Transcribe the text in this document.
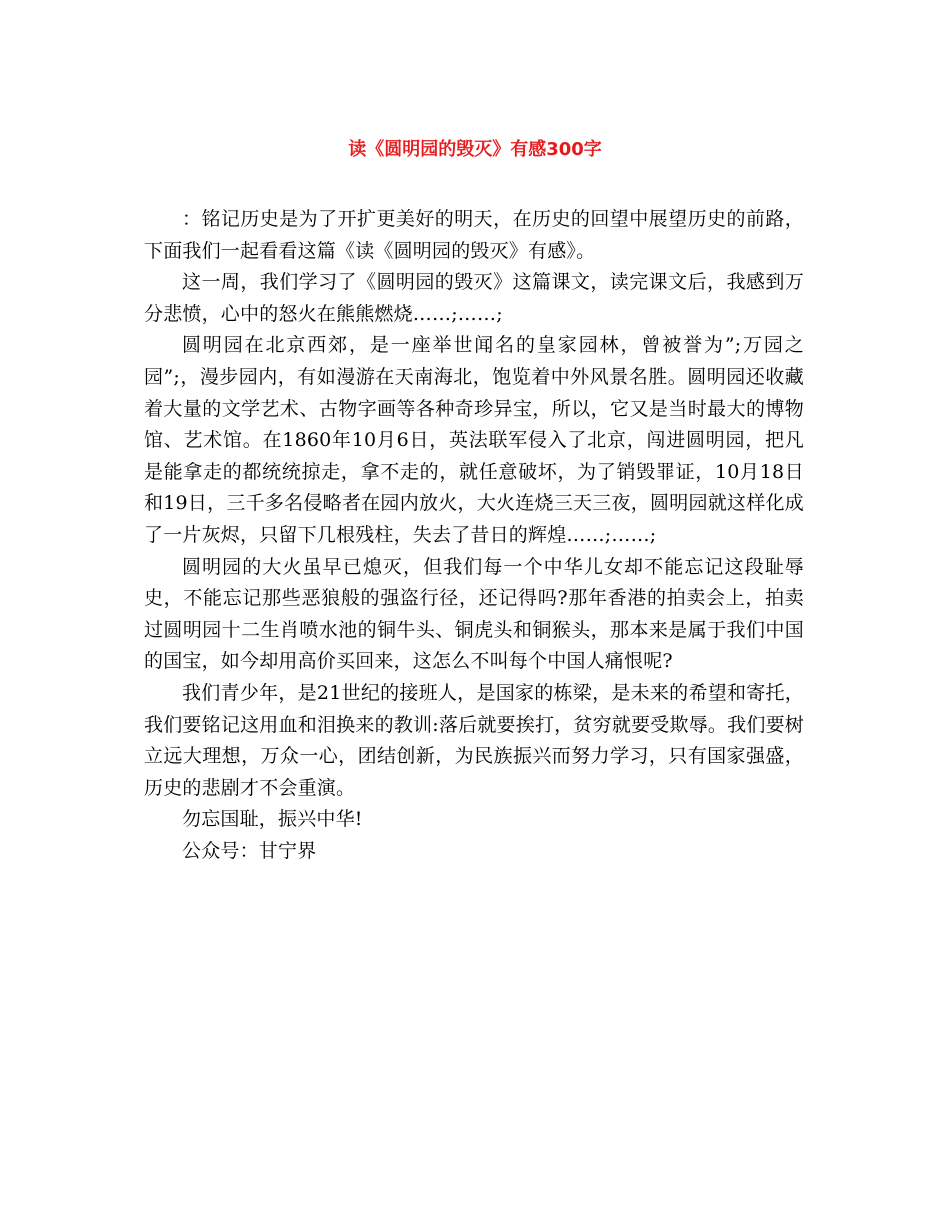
读《圆明园的毁灭》有感300字

：铭记历史是为了开扩更美好的明天，在历史的回望中展望历史的前路，下面我们一起看看这篇《读《圆明园的毁灭》有感》。

这一周，我们学习了《圆明园的毁灭》这篇课文，读完课文后，我感到万分悲愤，心中的怒火在熊熊燃烧……;……;

圆明园在北京西郊，是一座举世闻名的皇家园林，曾被誉为”;万园之园”;，漫步园内，有如漫游在天南海北，饱览着中外风景名胜。圆明园还收藏着大量的文学艺术、古物字画等各种奇珍异宝，所以，它又是当时最大的博物馆、艺术馆。在1860年10月6日，英法联军侵入了北京，闯进圆明园，把凡是能拿走的都统统掠走，拿不走的，就任意破坏，为了销毁罪证，10月18日和19日，三千多名侵略者在园内放火，大火连烧三天三夜，圆明园就这样化成了一片灰烬，只留下几根残柱，失去了昔日的辉煌……;……;

圆明园的大火虽早已熄灭，但我们每一个中华儿女却不能忘记这段耻辱史，不能忘记那些恶狼般的强盗行径，还记得吗?那年香港的拍卖会上，拍卖过圆明园十二生肖喷水池的铜牛头、铜虎头和铜猴头，那本来是属于我们中国的国宝，如今却用高价买回来，这怎么不叫每个中国人痛恨呢?

我们青少年，是21世纪的接班人，是国家的栋梁，是未来的希望和寄托，我们要铭记这用血和泪换来的教训:落后就要挨打，贫穷就要受欺辱。我们要树立远大理想，万众一心，团结创新，为民族振兴而努力学习，只有国家强盛，历史的悲剧才不会重演。

勿忘国耻，振兴中华!

公众号：甘宁界
